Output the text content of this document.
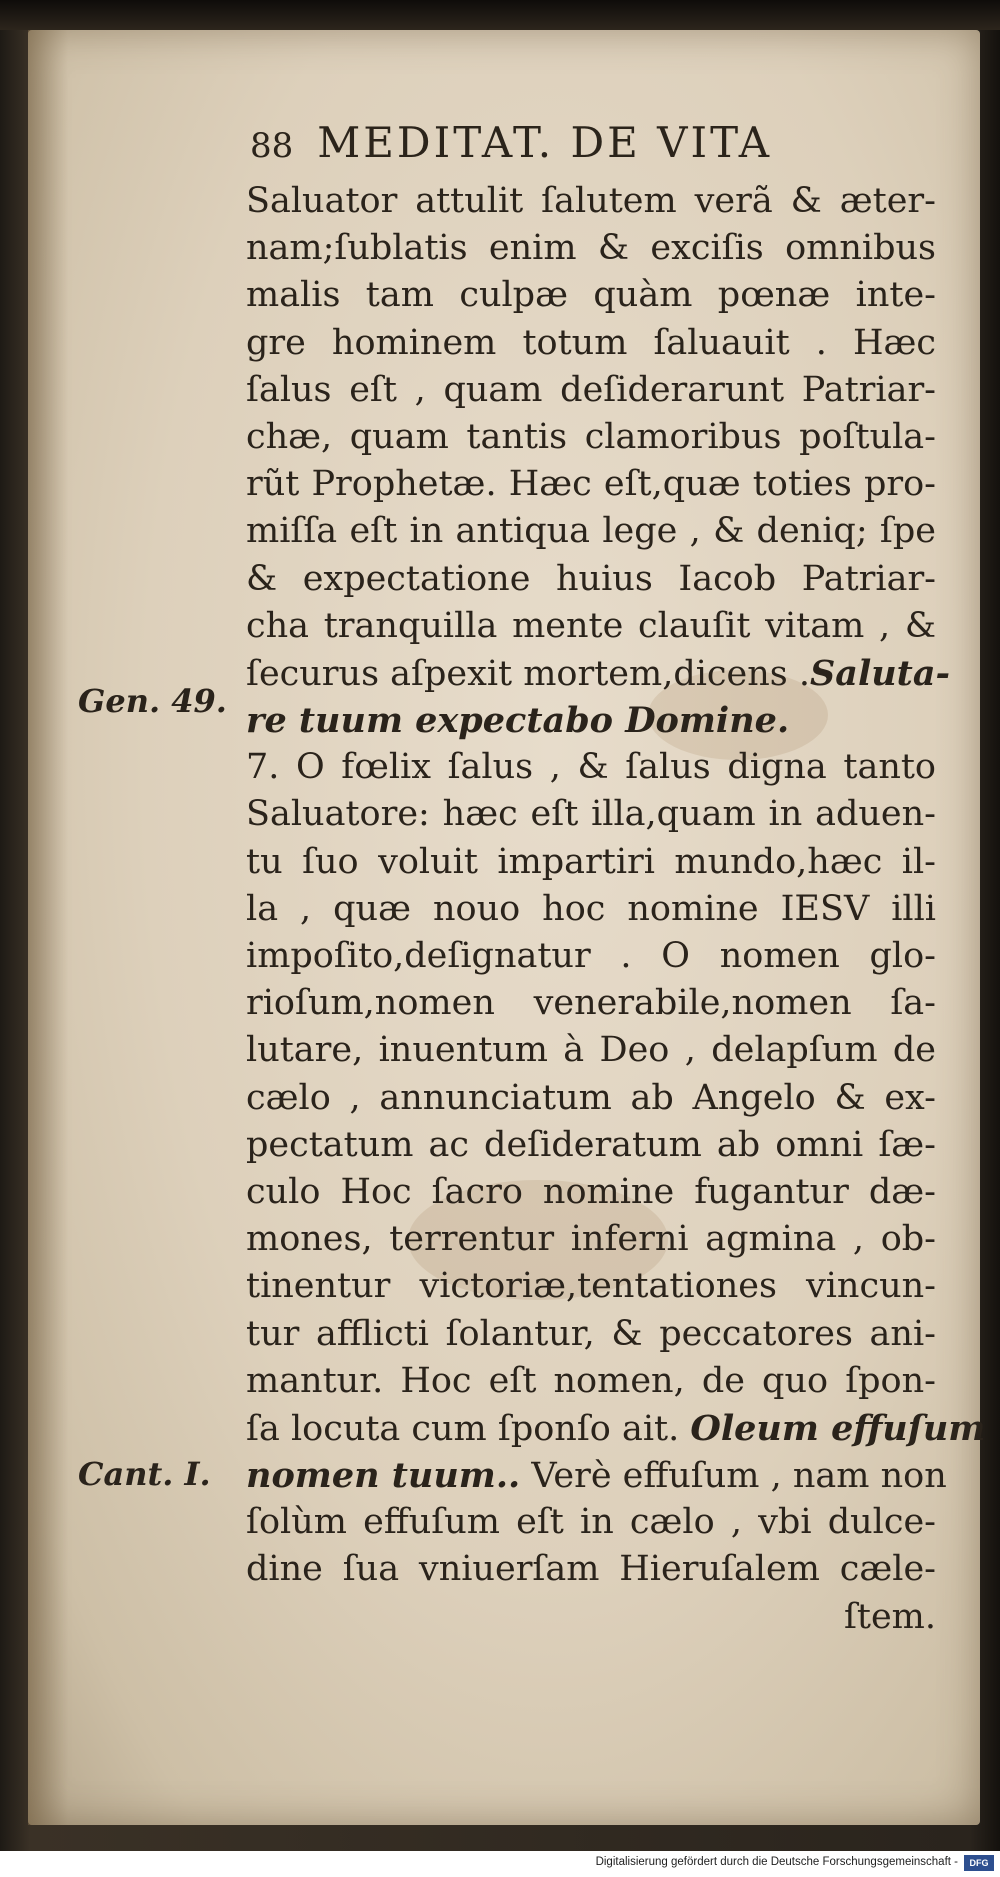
88 MEDITAT. DE VITA
Saluator attulit ſalutem verã & æter-
nam;ſublatis enim & exciſis omnibus
malis tam culpæ quàm pœnæ inte-
gre hominem totum ſaluauit . Hæc
ſalus eſt , quam deſiderarunt Patriar-
chæ, quam tantis clamoribus poſtula-
rũt Prophetæ. Hæc eſt,quæ toties pro-
miſſa eſt in antiqua lege , & deniq; ſpe
& expectatione huius Iacob Patriar-
cha tranquilla mente clauſit vitam , &
ſecurus aſpexit mortem,dicens .Saluta-
re tuum expectabo Domine.
7. O fœlix ſalus , & ſalus digna tanto
Saluatore: hæc eſt illa,quam in aduen-
tu ſuo voluit impartiri mundo,hæc il-
la , quæ nouo hoc nomine IESV illi
impoſito,deſignatur . O nomen glo-
rioſum,nomen venerabile,nomen ſa-
lutare, inuentum à Deo , delapſum de
cælo , annunciatum ab Angelo & ex-
pectatum ac deſideratum ab omni ſæ-
culo Hoc ſacro nomine fugantur dæ-
mones, terrentur inferni agmina , ob-
tinentur victoriæ,tentationes vincun-
tur afflicti ſolantur, & peccatores ani-
mantur. Hoc eſt nomen, de quo ſpon-
ſa locuta cum ſponſo ait. Oleum effuſum
nomen tuum.. Verè effuſum , nam non
ſolùm effuſum eſt in cælo , vbi dulce-
dine ſua vniuerſam Hieruſalem cæle-
ſtem.
Gen. 49.
Cant. I.
Digitalisierung gefördert durch die Deutsche Forschungsgemeinschaft -	DFG
